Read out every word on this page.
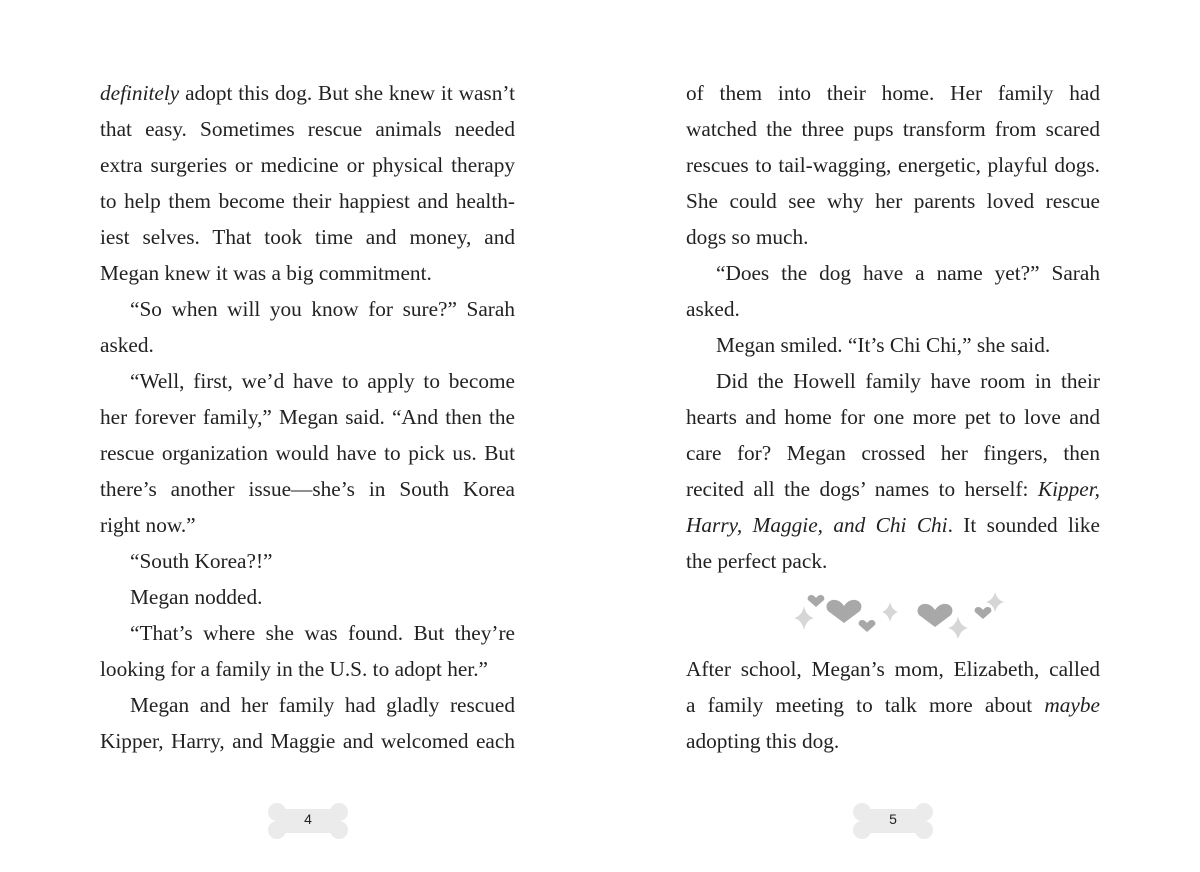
definitely adopt this dog. But she knew it wasn’t
that easy. Sometimes rescue animals needed
extra surgeries or medicine or physical therapy
to help them become their happiest and health-
iest selves. That took time and money, and
Megan knew it was a big commitment.
“So when will you know for sure?” Sarah
asked.
“Well, first, we’d have to apply to become
her forever family,” Megan said. “And then the
rescue organization would have to pick us. But
there’s another issue—she’s in South Korea
right now.”
“South Korea?!”
Megan nodded.
“That’s where she was found. But they’re
looking for a family in the U.S. to adopt her.”
Megan and her family had gladly rescued
Kipper, Harry, and Maggie and welcomed each
4
of them into their home. Her family had
watched the three pups transform from scared
rescues to tail-wagging, energetic, playful dogs.
She could see why her parents loved rescue
dogs so much.
“Does the dog have a name yet?” Sarah
asked.
Megan smiled. “It’s Chi Chi,” she said.
Did the Howell family have room in their
hearts and home for one more pet to love and
care for? Megan crossed her fingers, then
recited all the dogs’ names to herself: Kipper,
Harry, Maggie, and Chi Chi. It sounded like
the perfect pack.
After school, Megan’s mom, Elizabeth, called
a family meeting to talk more about maybe
adopting this dog.
5
